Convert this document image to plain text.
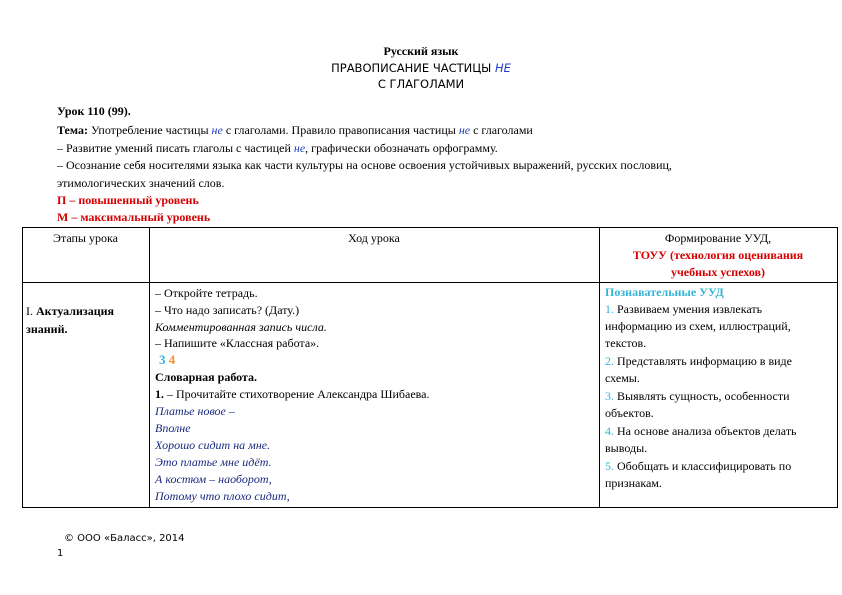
Русский язык
ПРАВОПИСАНИЕ ЧАСТИЦЫ НЕ
С ГЛАГОЛАМИ
Урок 110 (99).
Тема: Употребление частицы не с глаголами. Правило правописания частицы не с глаголами
– Развитие умений писать глаголы с частицей не, графически обозначать орфограмму.
– Осознание себя носителями языка как части культуры на основе освоения устойчивых выражений, русских пословиц,
этимологических значений слов.
П – повышенный уровень
М – максимальный уровень
Этапы урока	Ход урока	Формирование УУД,
ТОУУ (технология оценивания
учебных успехов)
I. Актуализация
знаний.
– Откройте тетрадь.
– Что надо записать? (Дату.)
Комментированная запись числа.
– Напишите «Классная работа».
3 4
Словарная работа.
1. – Прочитайте стихотворение Александра Шибаева.
Платье новое –
Вполне
Хорошо сидит на мне.
Это платье мне идёт.
А костюм – наоборот,
Потому что плохо сидит,
Познавательные УУД
1. Развиваем умения извлекать
информацию из схем, иллюстраций,
текстов.
2. Представлять информацию в виде
схемы.
3. Выявлять сущность, особенности
объектов.
4. На основе анализа объектов делать
выводы.
5. Обобщать и классифицировать по
признакам.
© ООО «Баласс», 2014
1
